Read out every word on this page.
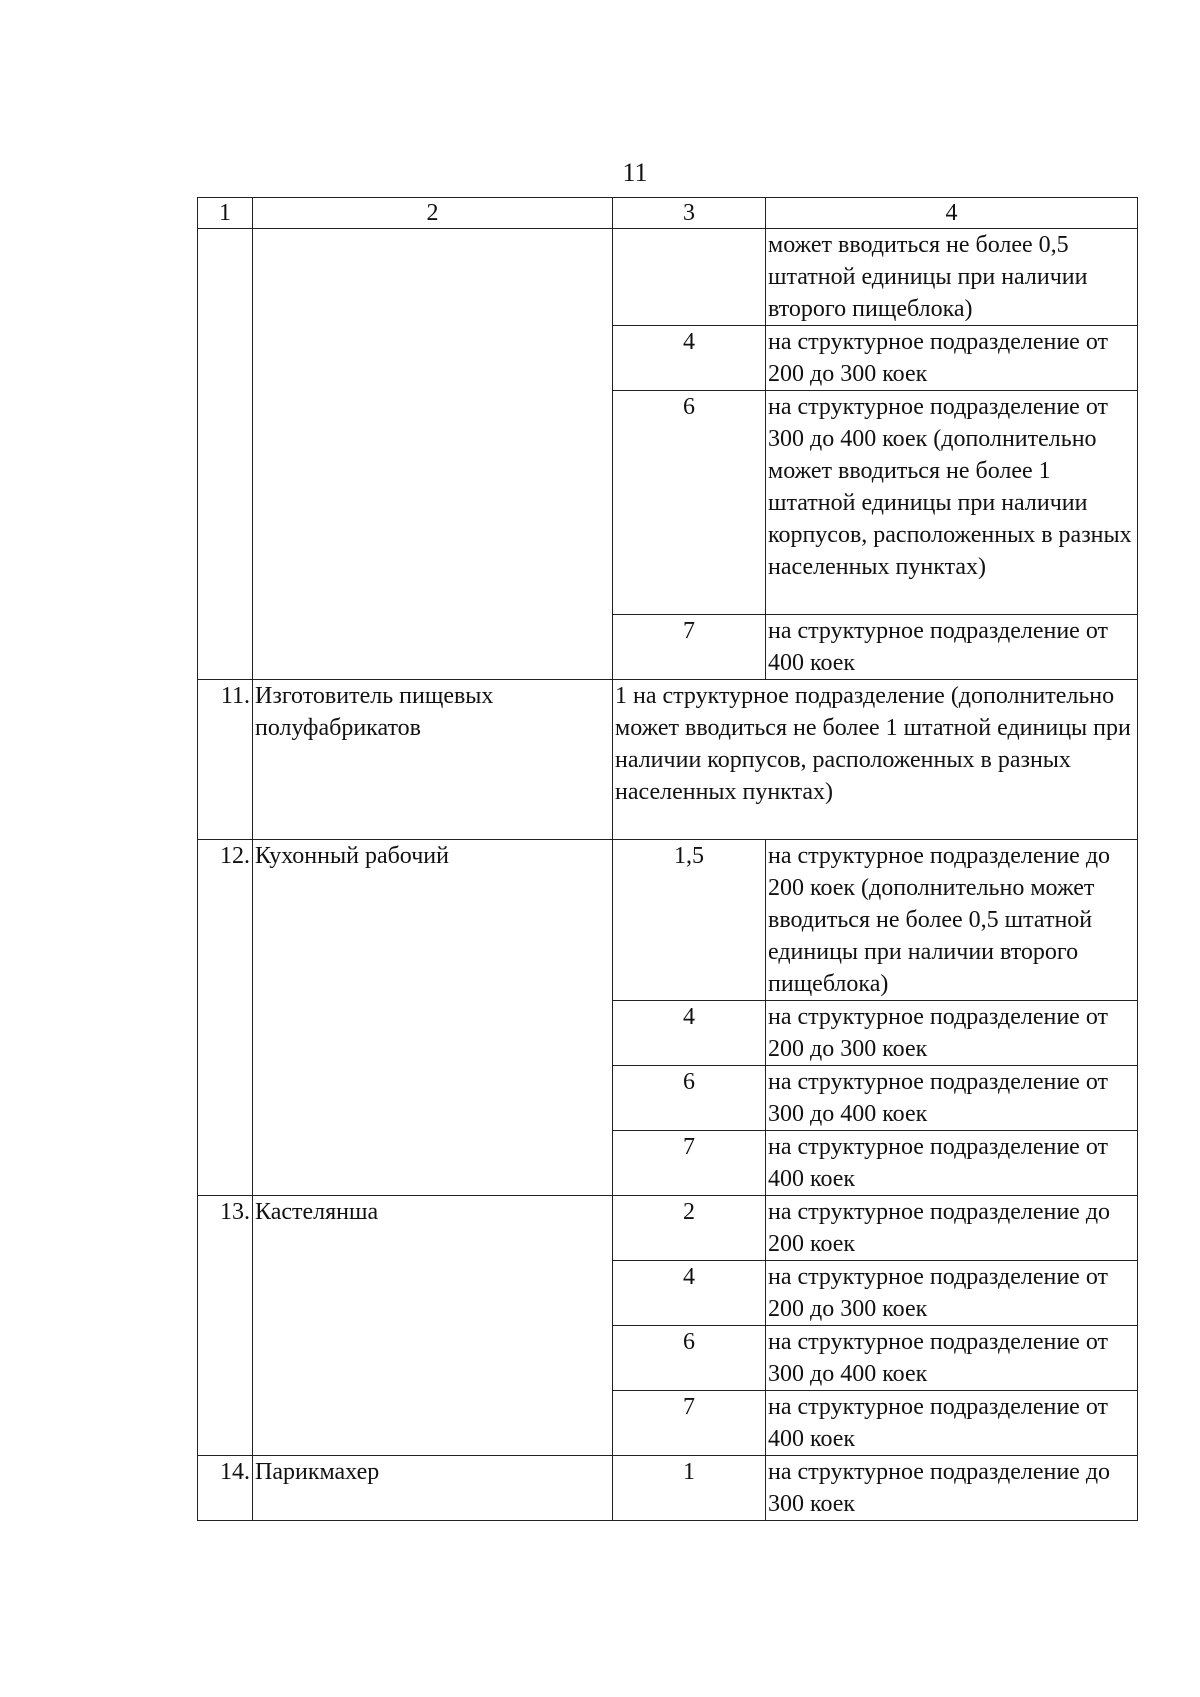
11
1	2	3	4
			может вводиться не более 0,5 штатной единицы при наличии второго пищеблока)
		4	на структурное подразделение от 200 до 300 коек
		6	на структурное подразделение от 300 до 400 коек (дополнительно может вводиться не более 1 штатной единицы при наличии корпусов, расположенных в разных населенных пунктах)
		7	на структурное подразделение от 400 коек
11.	Изготовитель пищевых полуфабрикатов	1 на структурное подразделение (дополнительно может вводиться не более 1 штатной единицы при наличии корпусов, расположенных в разных населенных пунктах)	
12.	Кухонный рабочий	1,5	на структурное подразделение до 200 коек (дополнительно может вводиться не более 0,5 штатной единицы при наличии второго пищеблока)
		4	на структурное подразделение от 200 до 300 коек
		6	на структурное подразделение от 300 до 400 коек
		7	на структурное подразделение от 400 коек
13.	Кастелянша	2	на структурное подразделение до 200 коек
		4	на структурное подразделение от 200 до 300 коек
		6	на структурное подразделение от 300 до 400 коек
		7	на структурное подразделение от 400 коек
14.	Парикмахер	1	на структурное подразделение до 300 коек
